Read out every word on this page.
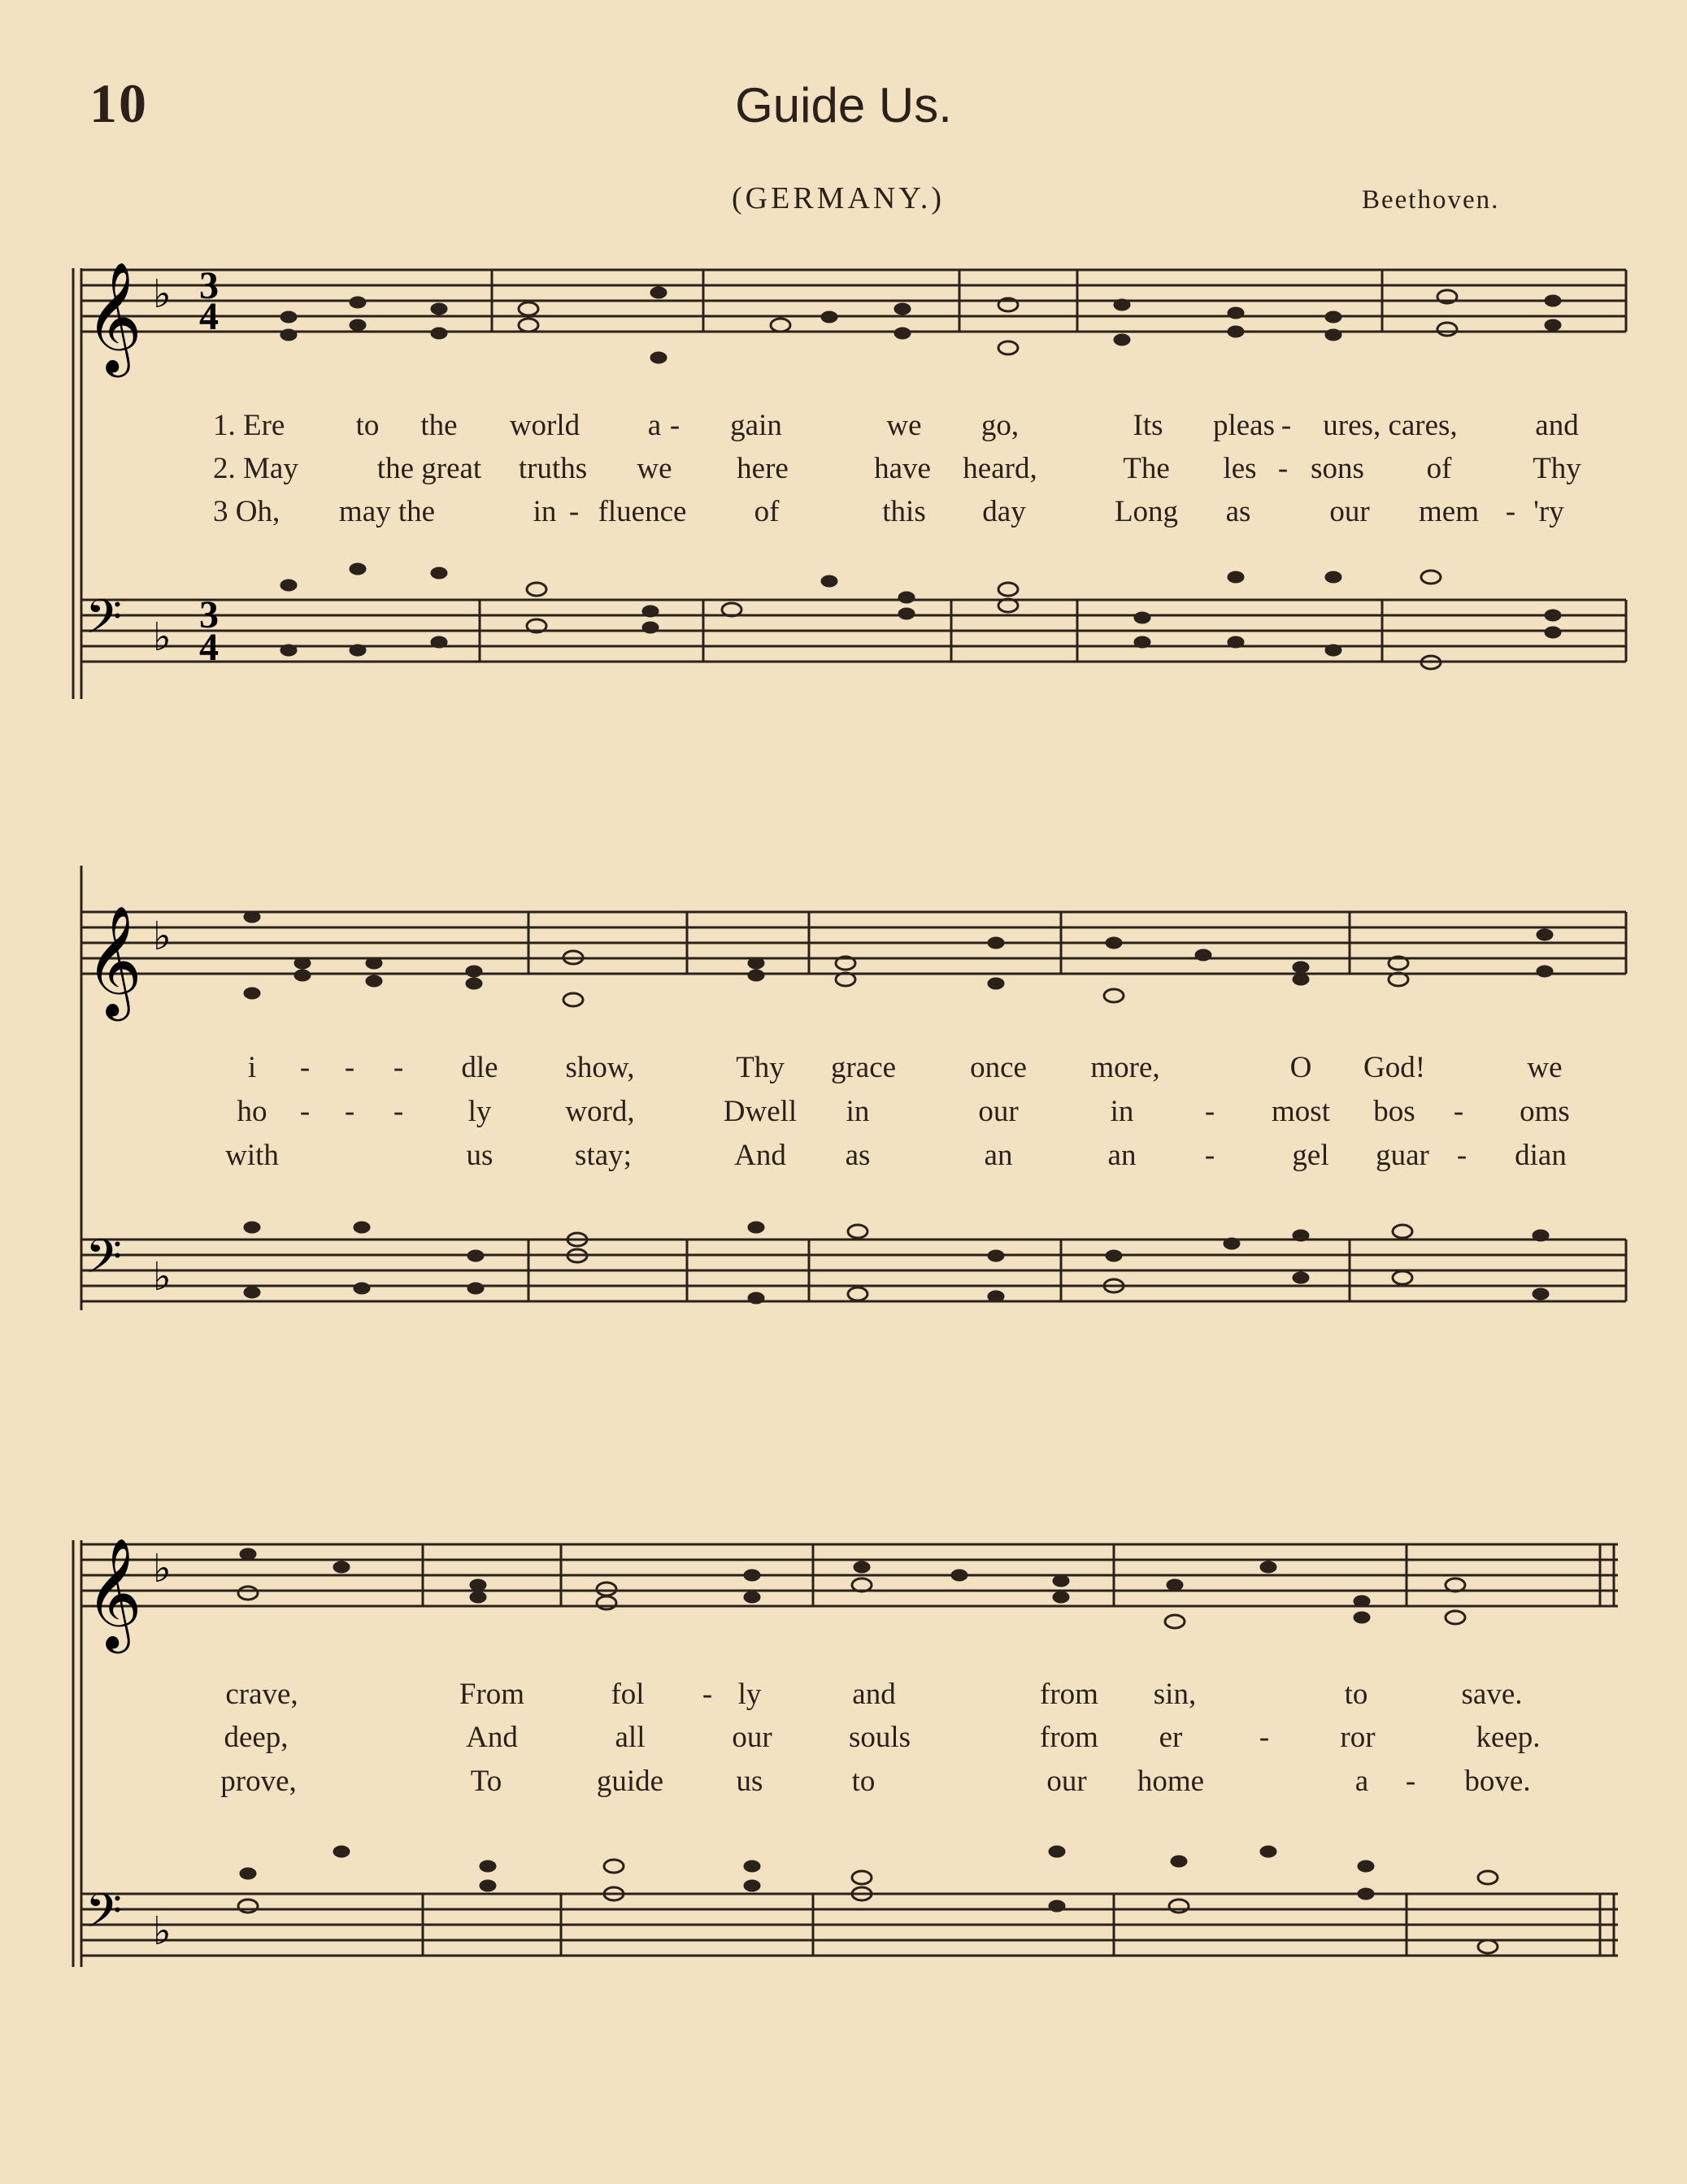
10	Guide Us.
(GERMANY.)	Beethoven.
𝄞 ♭ 3
4
𝄢 ♭
3
4
𝄞 ♭
𝄢 ♭
𝄞 ♭
𝄢 ♭
1. Ere to the world a - gain	we go,	Its pleas - ures, cares,	and
2. May	the great truths we here	have heard,	The les - sons of	Thy
3 Oh, may the	in - fluence of	this day	Long as	our mem - 'ry
i - - - dle show,	Thy grace once more,	O God!	we
ho - - - ly word,	Dwell in	our	in - most bos - oms
with	us	stay;	And as	an	an -	gel guar - dian
crave,	From	fol - ly	and	from sin,	to	save.
deep,	And	all	our	souls	from er	- ror	keep.
prove,	To	guide us	to	our home	a - bove.
